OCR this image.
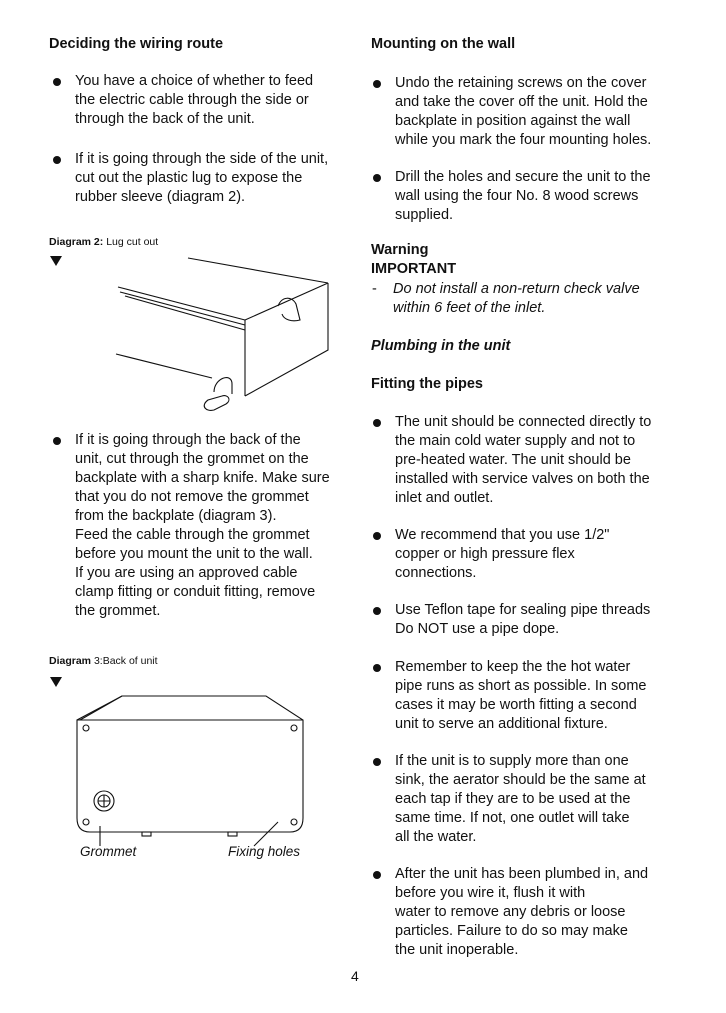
Deciding the wiring route
You have a choice of whether to feed
the electric cable through the side or
through the back of the unit.
If it is going through the side of the unit,
cut out the plastic lug to expose the
rubber sleeve (diagram 2).
Diagram 2: Lug cut out
If it is going through the back of the
unit, cut through the grommet on the
backplate with a sharp knife. Make sure
that you do not remove the grommet
from the backplate (diagram 3).
Feed the cable through the grommet
before you mount the unit to the wall.
If you are using an approved cable
clamp fitting or conduit fitting, remove
the grommet.
Diagram 3:Back of unit
Grommet	Fixing holes
Mounting on the wall
Undo the retaining screws on the cover
and take the cover off the unit. Hold the
backplate in position against the wall
while you mark the four mounting holes.
Drill the holes and secure the unit to the
wall using the four No. 8 wood screws
supplied.
Warning
IMPORTANT
- Do not install a non-return check valve
within 6 feet of the inlet.
Plumbing in the unit
Fitting the pipes
The unit should be connected directly to
the main cold water supply and not to
pre-heated water. The unit should be
installed with service valves on both the
inlet and outlet.
We recommend that you use 1/2"
copper or high pressure flex
connections.
Use Teflon tape for sealing pipe threads
Do NOT use a pipe dope.
Remember to keep the the hot water
pipe runs as short as possible. In some
cases it may be worth fitting a second
unit to serve an additional fixture.
If the unit is to supply more than one
sink, the aerator should be the same at
each tap if they are to be used at the
same time. If not, one outlet will take
all the water.
After the unit has been plumbed in, and
before you wire it, flush it with
water to remove any debris or loose
particles. Failure to do so may make
the unit inoperable.
4
